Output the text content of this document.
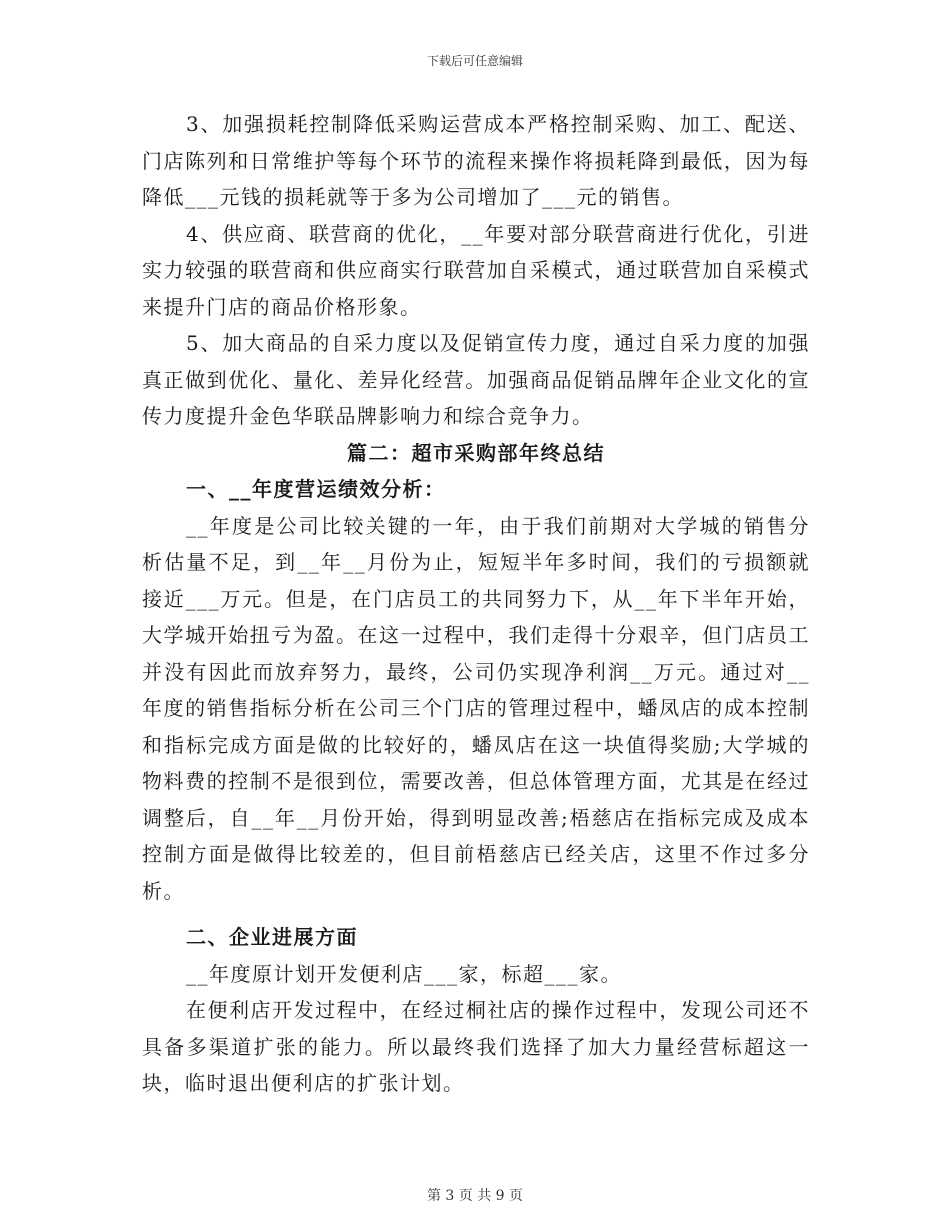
下载后可任意编辑

3、加强损耗控制降低采购运营成本严格控制采购、加工、配送、门店陈列和日常维护等每个环节的流程来操作将损耗降到最低，因为每降低___元钱的损耗就等于多为公司增加了___元的销售。

4、供应商、联营商的优化，__年要对部分联营商进行优化，引进实力较强的联营商和供应商实行联营加自采模式，通过联营加自采模式来提升门店的商品价格形象。

5、加大商品的自采力度以及促销宣传力度，通过自采力度的加强真正做到优化、量化、差异化经营。加强商品促销品牌年企业文化的宣传力度提升金色华联品牌影响力和综合竞争力。

篇二：超市采购部年终总结

一、__年度营运绩效分析：

__年度是公司比较关键的一年，由于我们前期对大学城的销售分析估量不足，到__年__月份为止，短短半年多时间，我们的亏损额就接近___万元。但是，在门店员工的共同努力下，从__年下半年开始，大学城开始扭亏为盈。在这一过程中，我们走得十分艰辛，但门店员工并没有因此而放弃努力，最终，公司仍实现净利润__万元。通过对__年度的销售指标分析在公司三个门店的管理过程中，蟠凤店的成本控制和指标完成方面是做的比较好的，蟠凤店在这一块值得奖励;大学城的物料费的控制不是很到位，需要改善，但总体管理方面，尤其是在经过调整后，自__年__月份开始，得到明显改善;梧慈店在指标完成及成本控制方面是做得比较差的，但目前梧慈店已经关店，这里不作过多分析。

二、企业进展方面

__年度原计划开发便利店___家，标超___家。

在便利店开发过程中，在经过桐社店的操作过程中，发现公司还不具备多渠道扩张的能力。所以最终我们选择了加大力量经营标超这一块，临时退出便利店的扩张计划。

第 3 页 共 9 页
